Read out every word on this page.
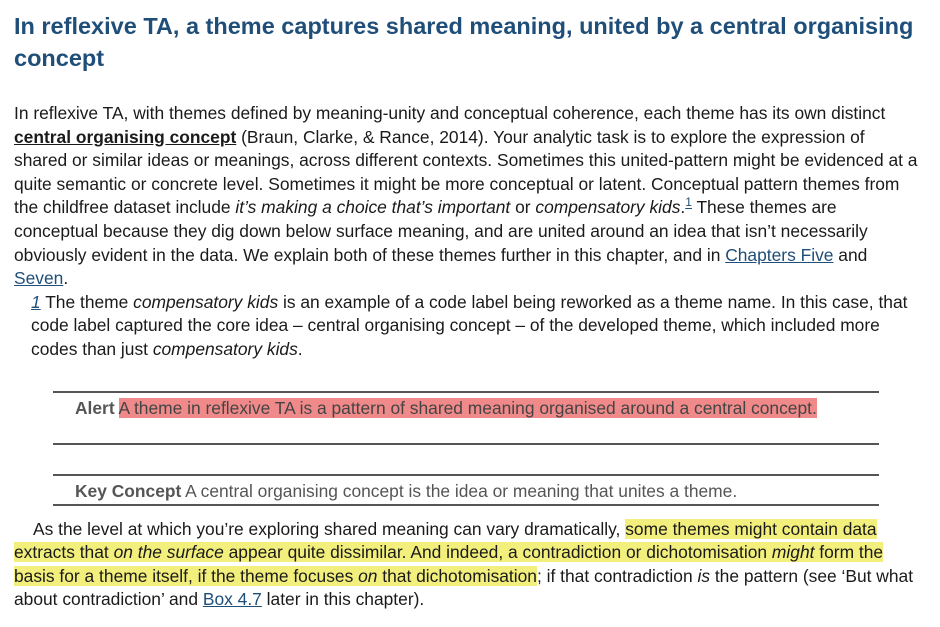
In reflexive TA, a theme captures shared meaning, united by a central organising concept

In reflexive TA, with themes defined by meaning-unity and conceptual coherence, each theme has its own distinct central organising concept (Braun, Clarke, & Rance, 2014). Your analytic task is to explore the expression of shared or similar ideas or meanings, across different contexts. Sometimes this united-pattern might be evidenced at a quite semantic or concrete level. Sometimes it might be more conceptual or latent. Conceptual pattern themes from the childfree dataset include it’s making a choice that’s important or compensatory kids.$^1$ These themes are conceptual because they dig down below surface meaning, and are united around an idea that isn’t necessarily obviously evident in the data. We explain both of these themes further in this chapter, and in Chapters Five and Seven.

1 The theme compensatory kids is an example of a code label being reworked as a theme name. In this case, that code label captured the core idea – central organising concept – of the developed theme, which included more codes than just compensatory kids.

Alert A theme in reflexive TA is a pattern of shared meaning organised around a central concept.
Key Concept A central organising concept is the idea or meaning that unites a theme.

As the level at which you’re exploring shared meaning can vary dramatically, some themes might contain data extracts that on the surface appear quite dissimilar. And indeed, a contradiction or dichotomisation might form the basis for a theme itself, if the theme focuses on that dichotomisation; if that contradiction is the pattern (see ‘But what about contradiction’ and Box 4.7 later in this chapter).
